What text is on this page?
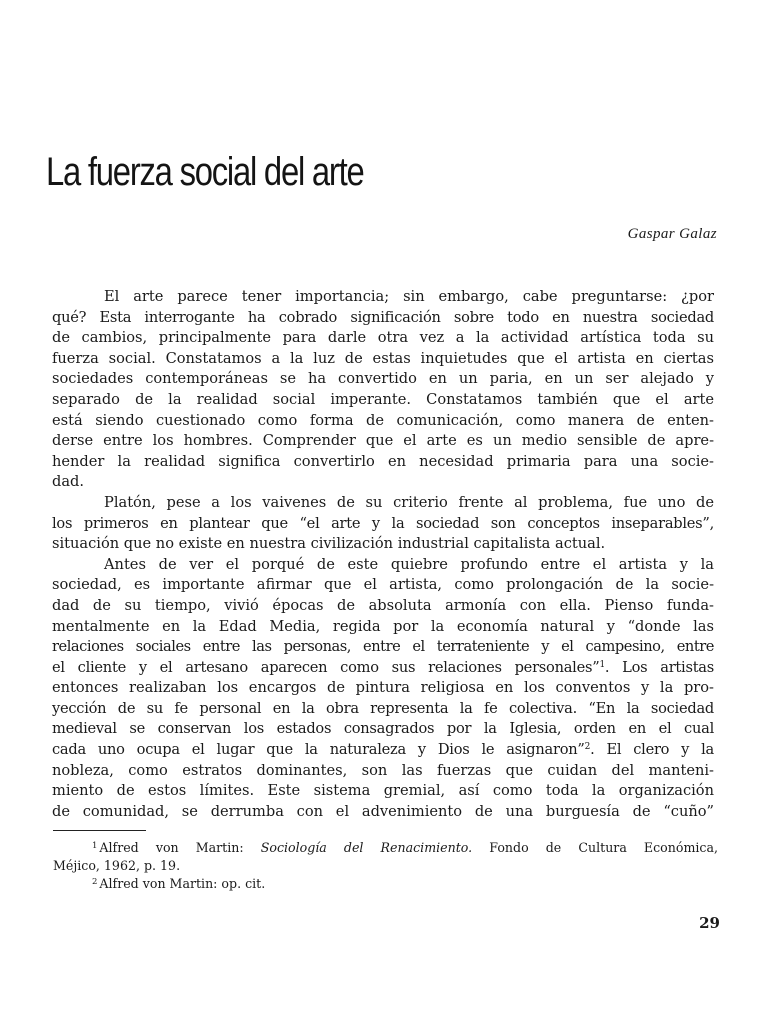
La fuerza social del arte
Gaspar Galaz
El arte parece tener importancia; sin embargo, cabe preguntarse: ¿por
qué? Esta interrogante ha cobrado significación sobre todo en nuestra sociedad
de cambios, principalmente para darle otra vez a la actividad artística toda su
fuerza social. Constatamos a la luz de estas inquietudes que el artista en ciertas
sociedades contemporáneas se ha convertido en un paria, en un ser alejado y
separado de la realidad social imperante. Constatamos también que el arte
está siendo cuestionado como forma de comunicación, como manera de enten-
derse entre los hombres. Comprender que el arte es un medio sensible de apre-
hender la realidad significa convertirlo en necesidad primaria para una socie-
dad.
Platón, pese a los vaivenes de su criterio frente al problema, fue uno de
los primeros en plantear que “el arte y la sociedad son conceptos inseparables”,
situación que no existe en nuestra civilización industrial capitalista actual.
Antes de ver el porqué de este quiebre profundo entre el artista y la
sociedad, es importante afirmar que el artista, como prolongación de la socie-
dad de su tiempo, vivió épocas de absoluta armonía con ella. Pienso funda-
mentalmente en la Edad Media, regida por la economía natural y “donde las
relaciones sociales entre las personas, entre el terrateniente y el campesino, entre
el cliente y el artesano aparecen como sus relaciones personales”$^1$. Los artistas
entonces realizaban los encargos de pintura religiosa en los conventos y la pro-
yección de su fe personal en la obra representa la fe colectiva. “En la sociedad
medieval se conservan los estados consagrados por la Iglesia, orden en el cual
cada uno ocupa el lugar que la naturaleza y Dios le asignaron”$^2$. El clero y la
nobleza, como estratos dominantes, son las fuerzas que cuidan del manteni-
miento de estos límites. Este sistema gremial, así como toda la organización
de comunidad, se derrumba con el advenimiento de una burguesía de “cuño”
$^1$ Alfred von Martin: Sociología del Renacimiento. Fondo de Cultura Económica,
Méjico, 1962, p. 19.
$^2$ Alfred von Martin: op. cit.
29
